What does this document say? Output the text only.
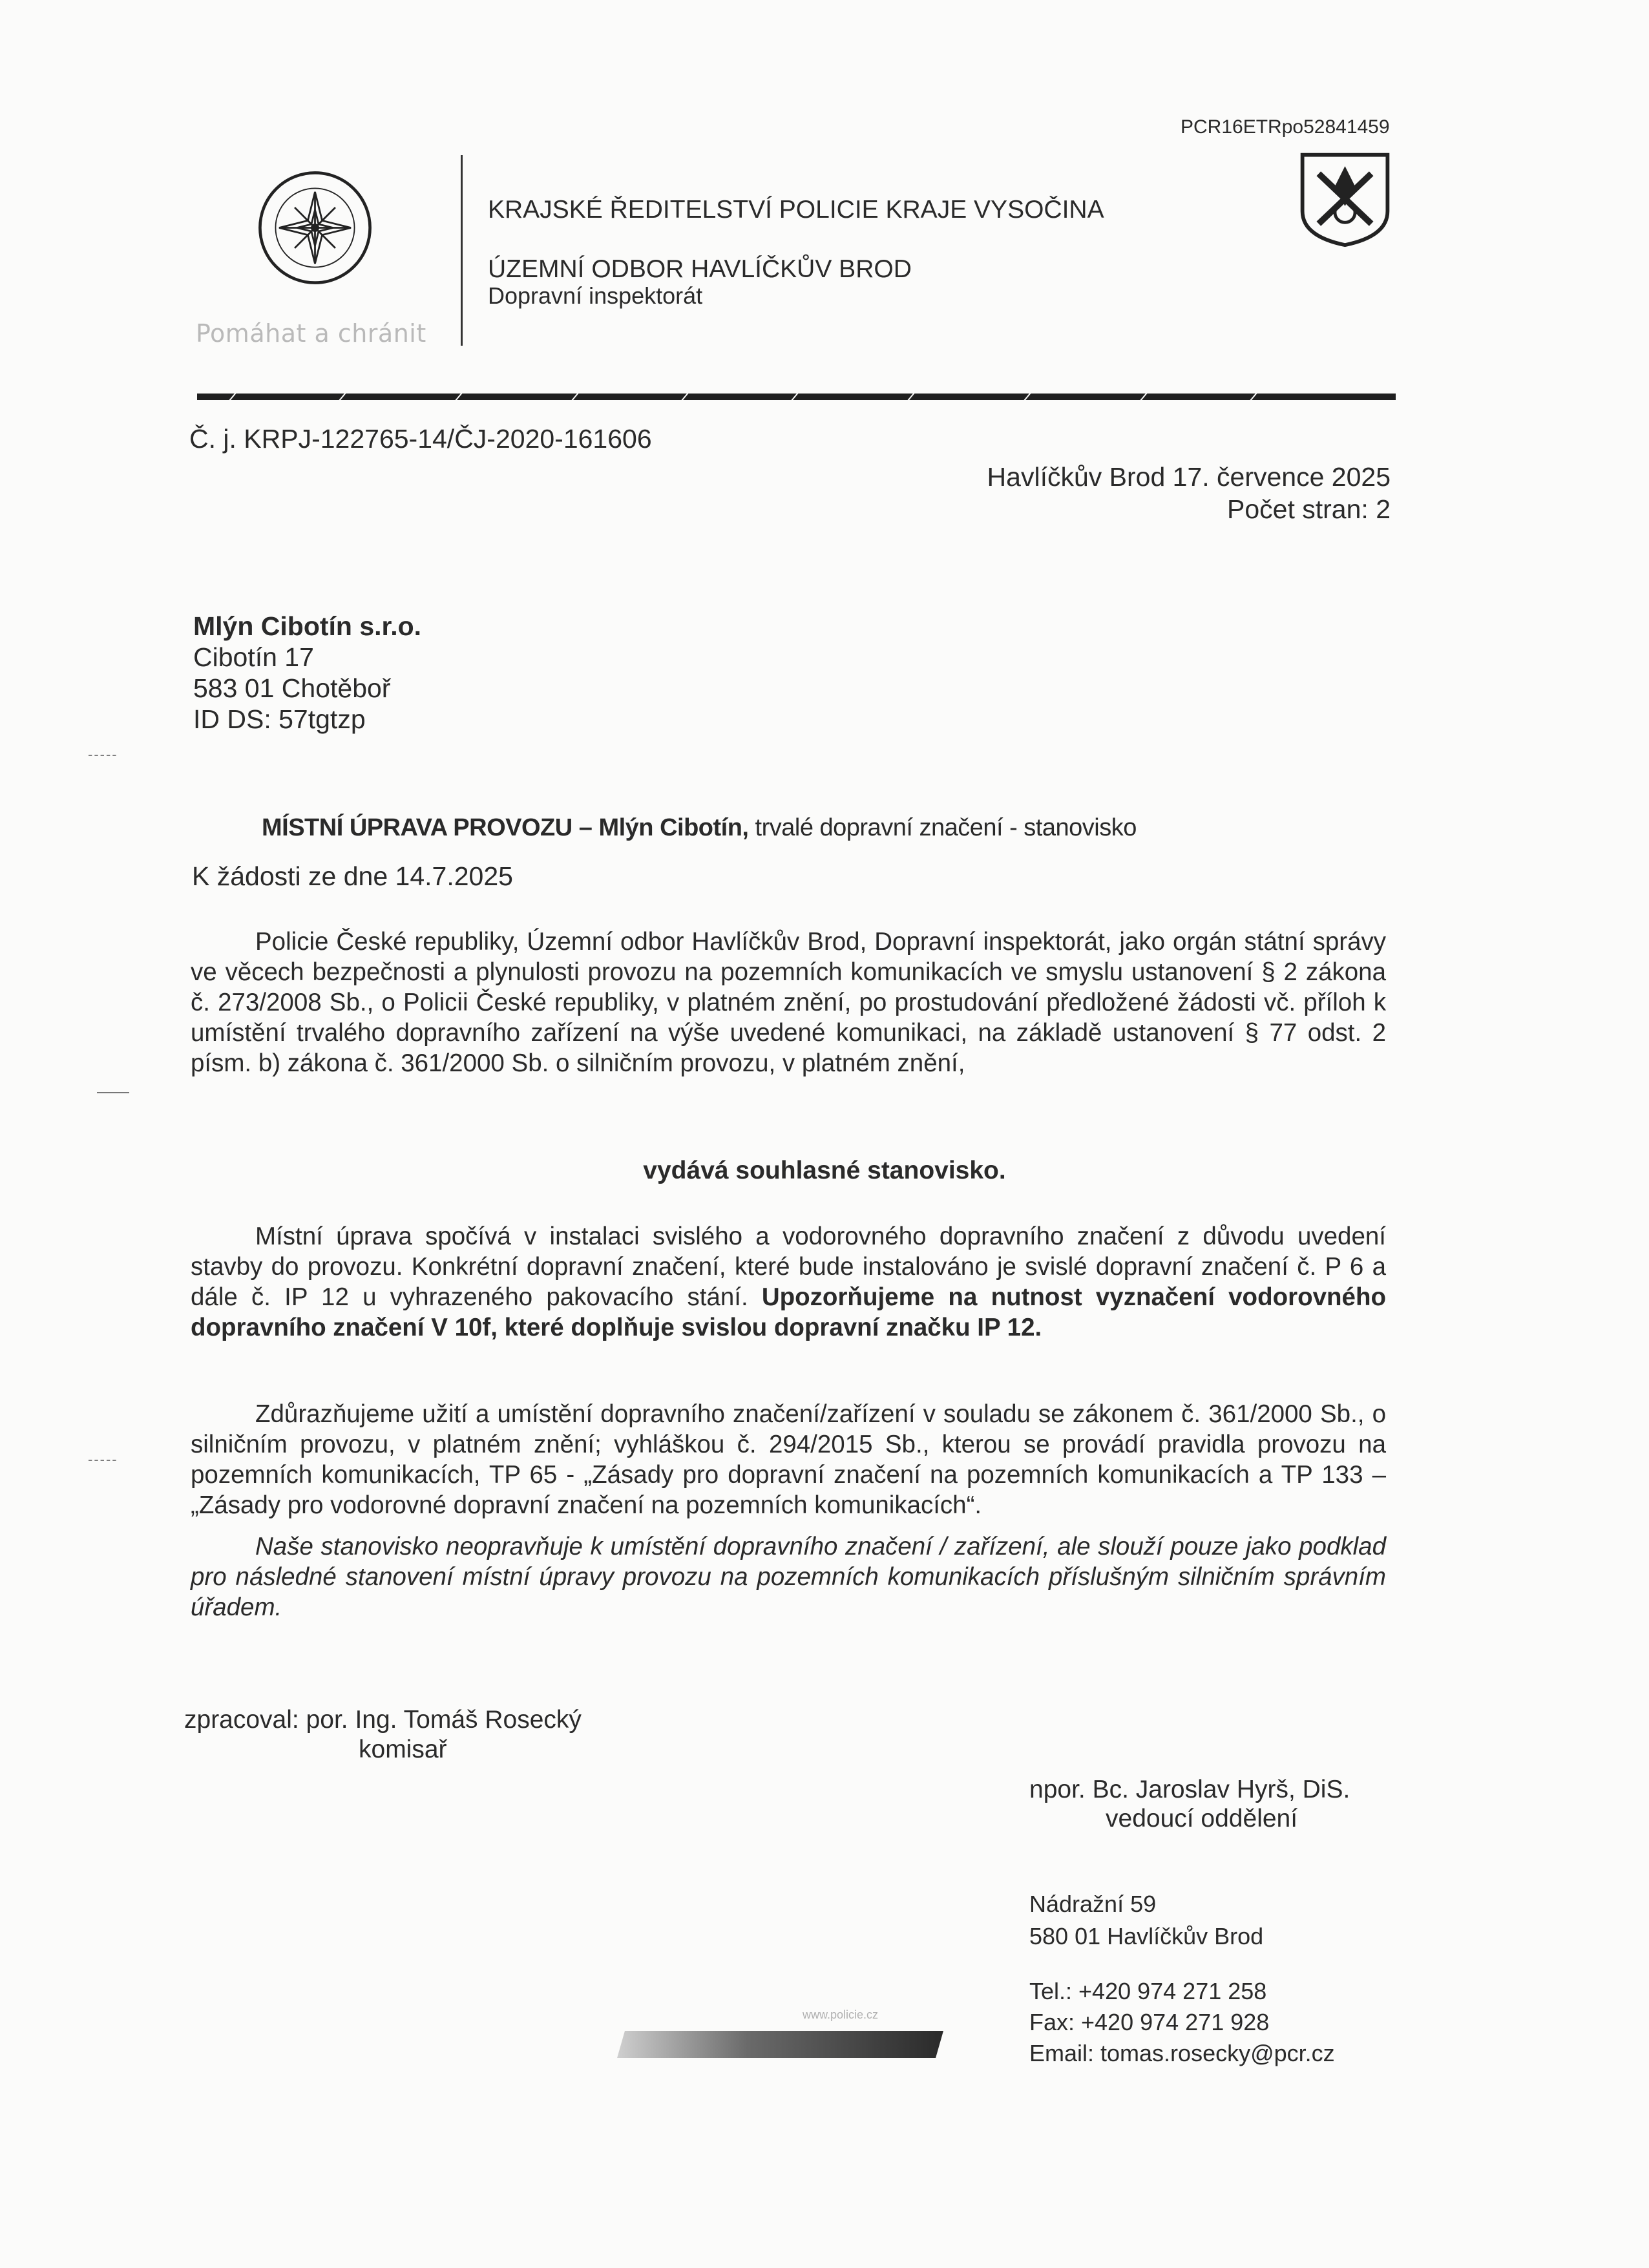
PCR16ETRpo52841459
Pomáhat a chránit
KRAJSKÉ ŘEDITELSTVÍ POLICIE KRAJE VYSOČINA
ÚZEMNÍ ODBOR HAVLÍČKŮV BROD
Dopravní inspektorát
Č. j. KRPJ-122765-14/ČJ-2020-161606
Havlíčkův Brod 17. července 2025
Počet stran: 2
Mlýn Cibotín s.r.o.
Cibotín 17
583 01 Chotěboř
ID DS: 57tgtzp
-----
-----
MÍSTNÍ ÚPRAVA PROVOZU – Mlýn Cibotín, trvalé dopravní značení - stanovisko
K žádosti ze dne 14.7.2025
Policie České republiky, Územní odbor Havlíčkův Brod, Dopravní inspektorát, jako orgán státní správy ve věcech bezpečnosti a plynulosti provozu na pozemních komunikacích ve smyslu ustanovení § 2 zákona č. 273/2008 Sb., o Policii České republiky, v platném znění, po prostudování předložené žádosti vč. příloh k umístění trvalého dopravního zařízení na výše uvedené komunikaci, na základě ustanovení § 77 odst. 2 písm. b) zákona č. 361/2000 Sb. o silničním provozu, v platném znění,
vydává souhlasné stanovisko.
Místní úprava spočívá v instalaci svislého a vodorovného dopravního značení z důvodu uvedení stavby do provozu. Konkrétní dopravní značení, které bude instalováno je svislé dopravní značení č. P 6 a dále č. IP 12 u vyhrazeného pakovacího stání. Upozorňujeme na nutnost vyznačení vodorovného dopravního značení V 10f, které doplňuje svislou dopravní značku IP 12.
Zdůrazňujeme užití a umístění dopravního značení/zařízení v souladu se zákonem č. 361/2000 Sb., o silničním provozu, v platném znění; vyhláškou č. 294/2015 Sb., kterou se provádí pravidla provozu na pozemních komunikacích, TP 65 - „Zásady pro dopravní značení na pozemních komunikacích a TP 133 – „Zásady pro vodorovné dopravní značení na pozemních komunikacích“.
Naše stanovisko neopravňuje k umístění dopravního značení / zařízení, ale slouží pouze jako podklad pro následné stanovení místní úpravy provozu na pozemních komunikacích příslušným silničním správním úřadem.
zpracoval: por. Ing. Tomáš Rosecký
komisař
npor. Bc. Jaroslav Hyrš, DiS.
vedoucí oddělení
Nádražní 59
580 01 Havlíčkův Brod
Tel.: +420 974 271 258
Fax: +420 974 271 928
Email: tomas.rosecky@pcr.cz
www.policie.cz
